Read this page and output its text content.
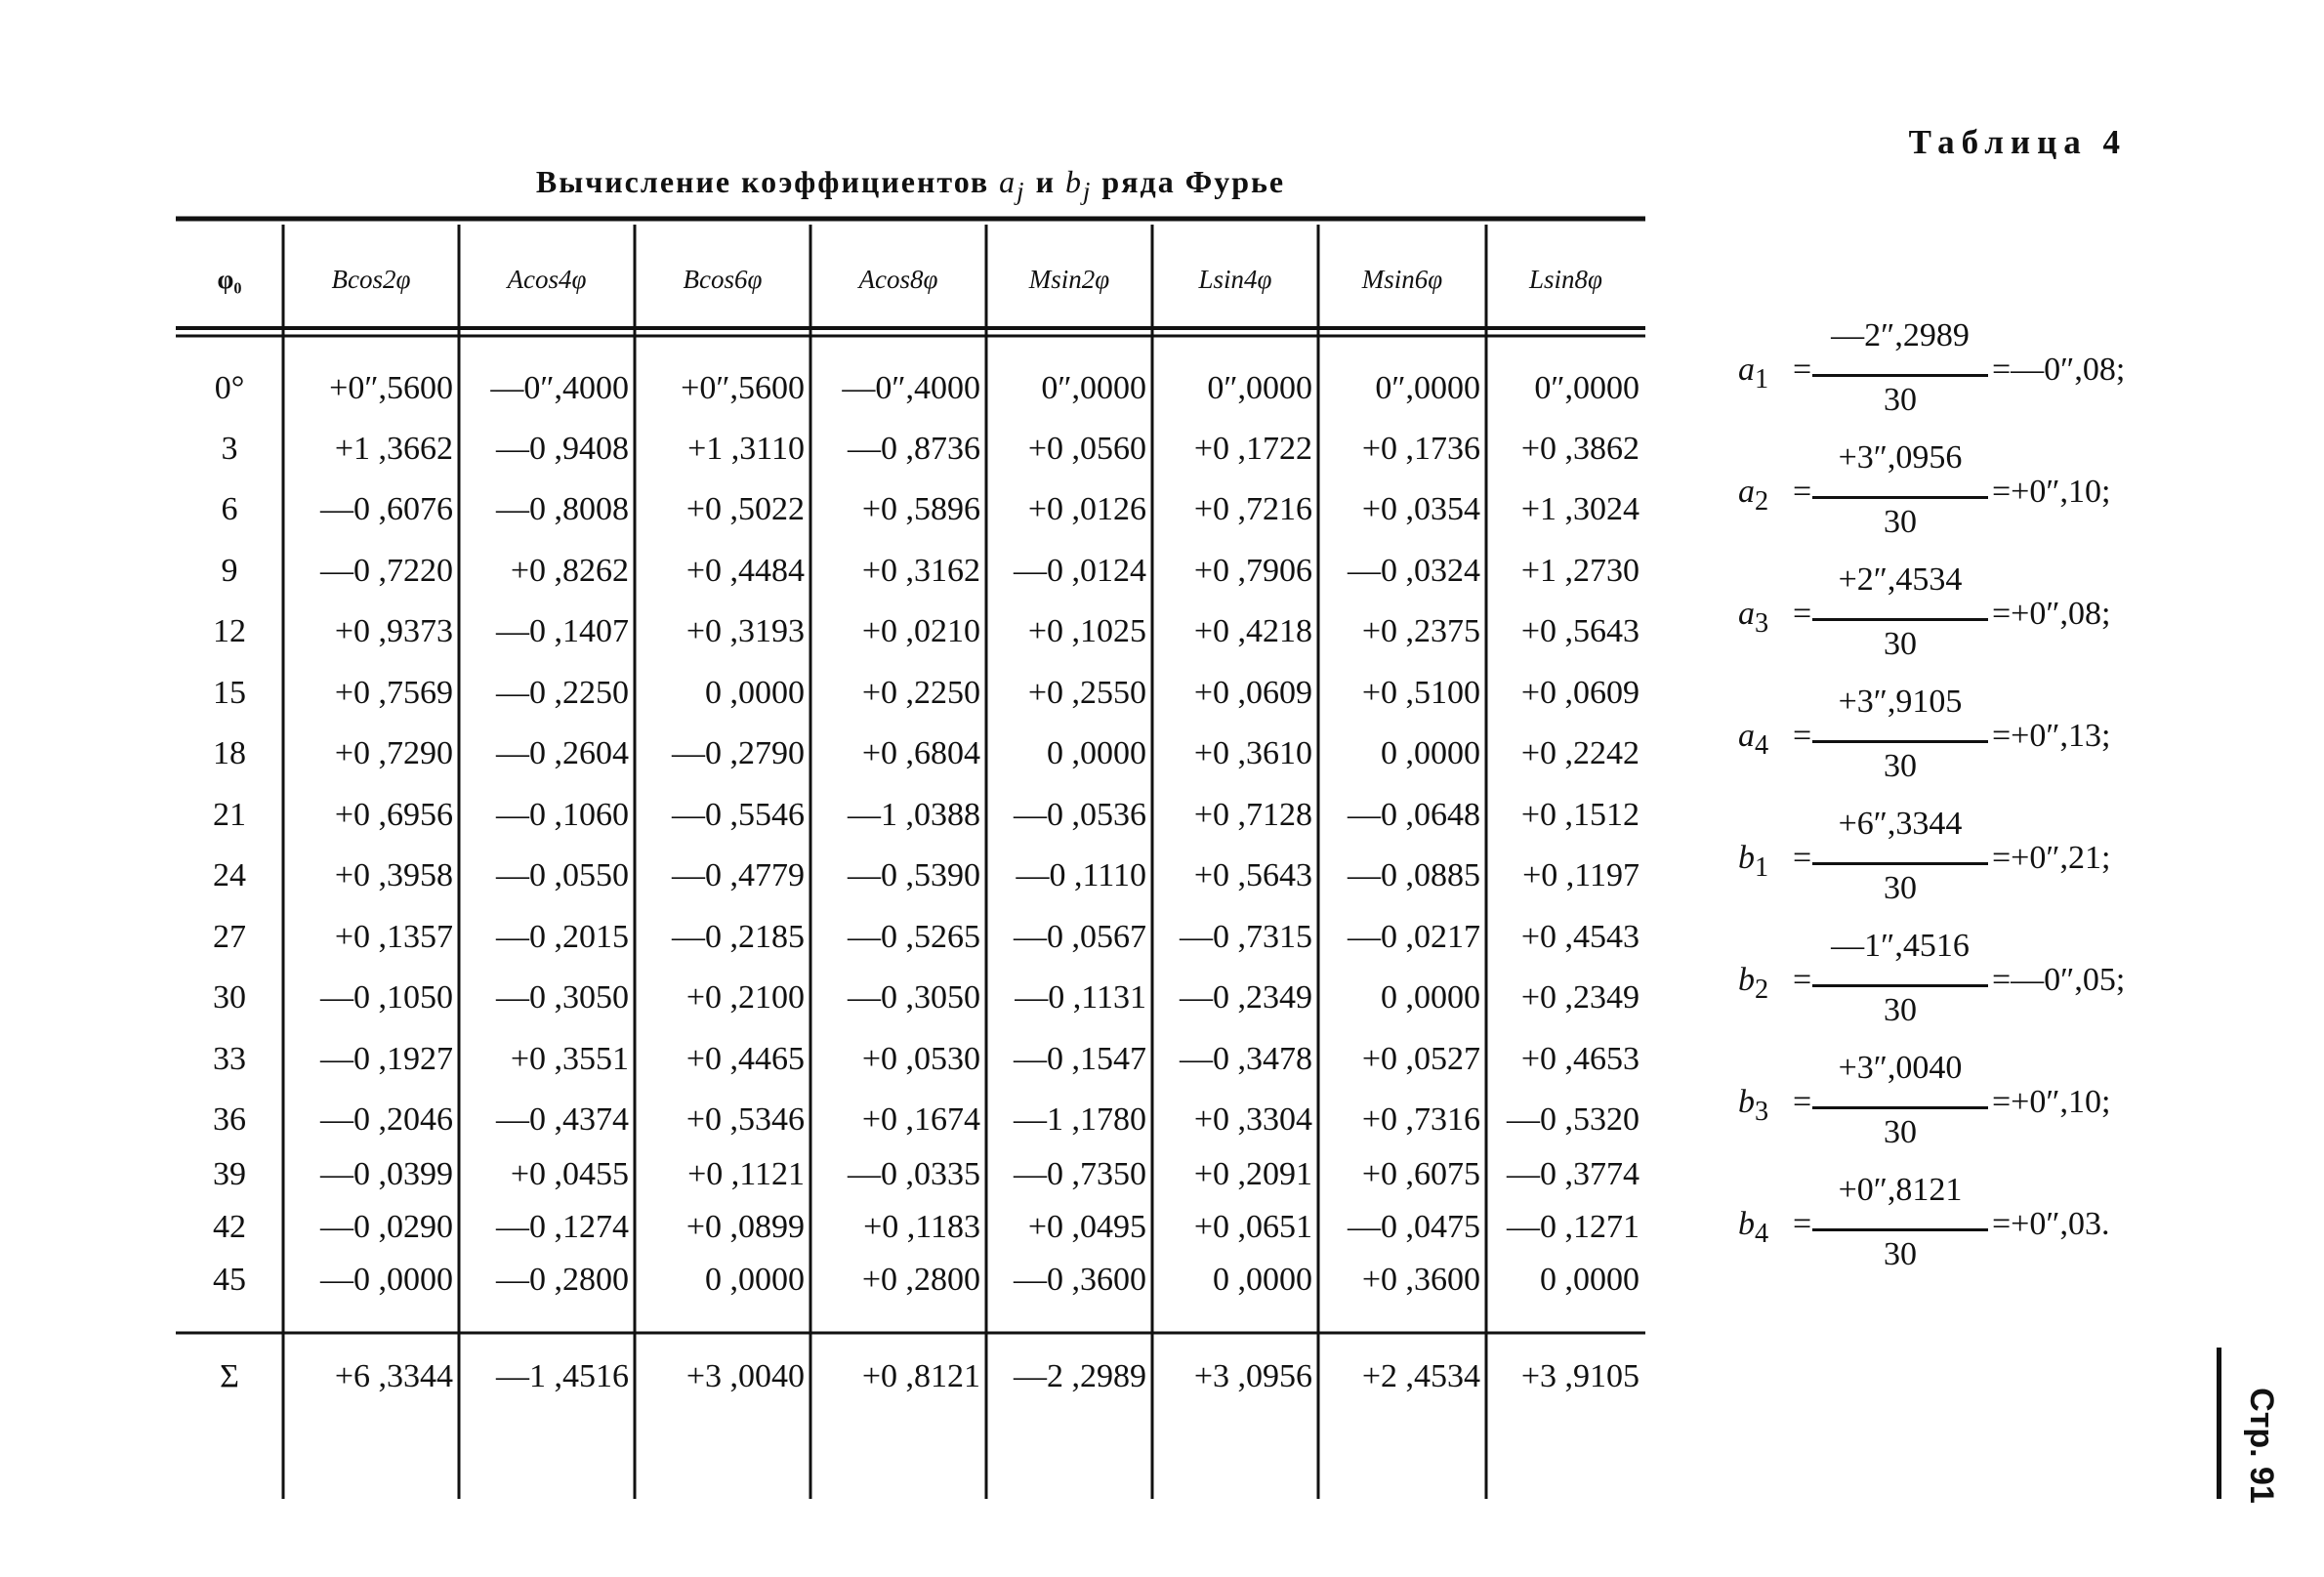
Таблица 4
Вычисление коэффициентов $a_j$ и $b_j$ ряда Фурье
φ₀	Bcos2φ	Acos4φ	Bcos6φ	Acos8φ	Msin2φ	Lsin4φ	Msin6φ	Lsin8φ
0°	+0″,5600	—0″,4000	+0″,5600	—0″,4000	0″,0000	0″,0000	0″,0000	0″,0000
3	+1 ,3662	—0 ,9408	+1 ,3110	—0 ,8736	+0 ,0560	+0 ,1722	+0 ,1736	+0 ,3862
6	—0 ,6076	—0 ,8008	+0 ,5022	+0 ,5896	+0 ,0126	+0 ,7216	+0 ,0354	+1 ,3024
9	—0 ,7220	+0 ,8262	+0 ,4484	+0 ,3162	—0 ,0124	+0 ,7906	—0 ,0324	+1 ,2730
12	+0 ,9373	—0 ,1407	+0 ,3193	+0 ,0210	+0 ,1025	+0 ,4218	+0 ,2375	+0 ,5643
15	+0 ,7569	—0 ,2250	0 ,0000	+0 ,2250	+0 ,2550	+0 ,0609	+0 ,5100	+0 ,0609
18	+0 ,7290	—0 ,2604	—0 ,2790	+0 ,6804	0 ,0000	+0 ,3610	0 ,0000	+0 ,2242
21	+0 ,6956	—0 ,1060	—0 ,5546	—1 ,0388	—0 ,0536	+0 ,7128	—0 ,0648	+0 ,1512
24	+0 ,3958	—0 ,0550	—0 ,4779	—0 ,5390	—0 ,1110	+0 ,5643	—0 ,0885	+0 ,1197
27	+0 ,1357	—0 ,2015	—0 ,2185	—0 ,5265	—0 ,0567	—0 ,7315	—0 ,0217	+0 ,4543
30	—0 ,1050	—0 ,3050	+0 ,2100	—0 ,3050	—0 ,1131	—0 ,2349	0 ,0000	+0 ,2349
33	—0 ,1927	+0 ,3551	+0 ,4465	+0 ,0530	—0 ,1547	—0 ,3478	+0 ,0527	+0 ,4653
36	—0 ,2046	—0 ,4374	+0 ,5346	+0 ,1674	—1 ,1780	+0 ,3304	+0 ,7316 —0 ,5320
39	—0 ,0399	+0 ,0455	+0 ,1121	—0 ,0335	—0 ,7350	+0 ,2091	+0 ,6075 —0 ,3774
42	—0 ,0290	—0 ,1274	+0 ,0899	+0 ,1183	+0 ,0495	+0 ,0651	—0 ,0475 —0 ,1271
45	—0 ,0000	—0 ,2800	0 ,0000	+0 ,2800	—0 ,3600	0 ,0000	+0 ,3600	0 ,0000
Σ	+6 ,3344	—1 ,4516	+3 ,0040	+0 ,8121	—2 ,2989	+3 ,0956	+2 ,4534	+3 ,9105
$a_1$ =
—2″,2989
30
=—0″,08;
$a_2$ =
+3″,0956
30
=+0″,10;
$a_3$ =
+2″,4534
30
=+0″,08;
$a_4$ =
+3″,9105
30
=+0″,13;
$b_1$ =
+6″,3344
30
=+0″,21;
$b_2$ =
—1″,4516
30
=—0″,05;
$b_3$ =
+3″,0040
30
=+0″,10;
$b_4$ =
+0″,8121
30
=+0″,03.
Стр. 91
